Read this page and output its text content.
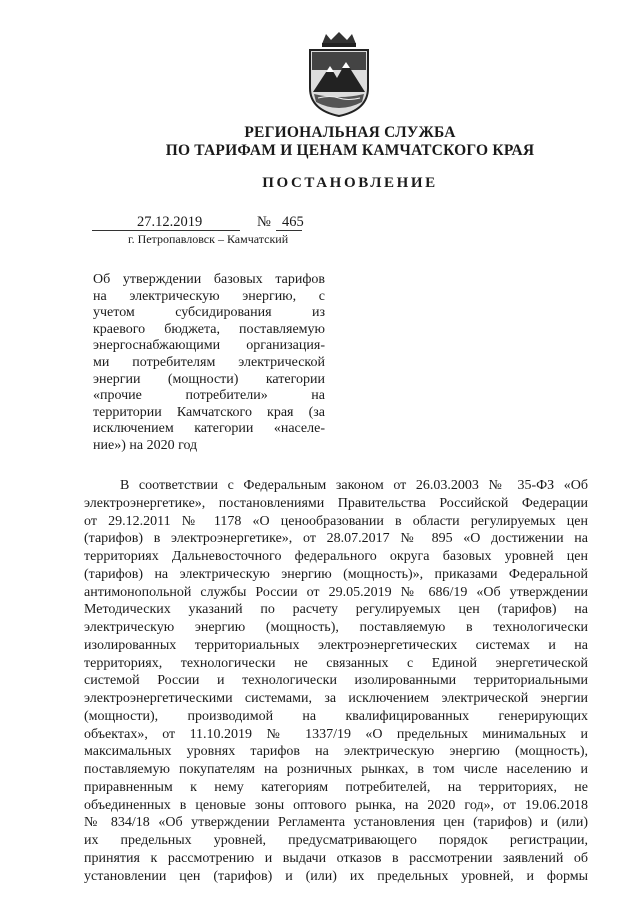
РЕГИОНАЛЬНАЯ СЛУЖБА
ПО ТАРИФАМ И ЦЕНАМ КАМЧАТСКОГО КРАЯ
ПОСТАНОВЛЕНИЕ
27.12.2019	№ 465
г. Петропавловск – Камчатский
Об утверждении базовых тарифов
на электрическую энергию, с
учетом субсидирования из
краевого бюджета, поставляемую
энергоснабжающими организация-
ми потребителям электрической
энергии (мощности) категории
«прочие потребители» на
территории Камчатского края (за
исключением категории «населе-
ние») на 2020 год
В соответствии с Федеральным законом от 26.03.2003 № 35-ФЗ «Об
электроэнергетике», постановлениями Правительства Российской Федерации
от 29.12.2011 № 1178 «О ценообразовании в области регулируемых цен
(тарифов) в электроэнергетике», от 28.07.2017 № 895 «О достижении на
территориях Дальневосточного федерального округа базовых уровней цен
(тарифов) на электрическую энергию (мощность)», приказами Федеральной
антимонопольной службы России от 29.05.2019 № 686/19 «Об утверждении
Методических указаний по расчету регулируемых цен (тарифов) на
электрическую энергию (мощность), поставляемую в технологически
изолированных территориальных электроэнергетических системах и на
территориях, технологически не связанных с Единой энергетической
системой России и технологически изолированными территориальными
электроэнергетическими системами, за исключением электрической энергии
(мощности), производимой на квалифицированных генерирующих
объектах», от 11.10.2019 № 1337/19 «О предельных минимальных и
максимальных уровнях тарифов на электрическую энергию (мощность),
поставляемую покупателям на розничных рынках, в том числе населению и
приравненным к нему категориям потребителей, на территориях, не
объединенных в ценовые зоны оптового рынка, на 2020 год», от 19.06.2018
№ 834/18 «Об утверждении Регламента установления цен (тарифов) и (или)
их предельных уровней, предусматривающего порядок регистрации,
принятия к рассмотрению и выдачи отказов в рассмотрении заявлений об
установлении цен (тарифов) и (или) их предельных уровней, и формы
